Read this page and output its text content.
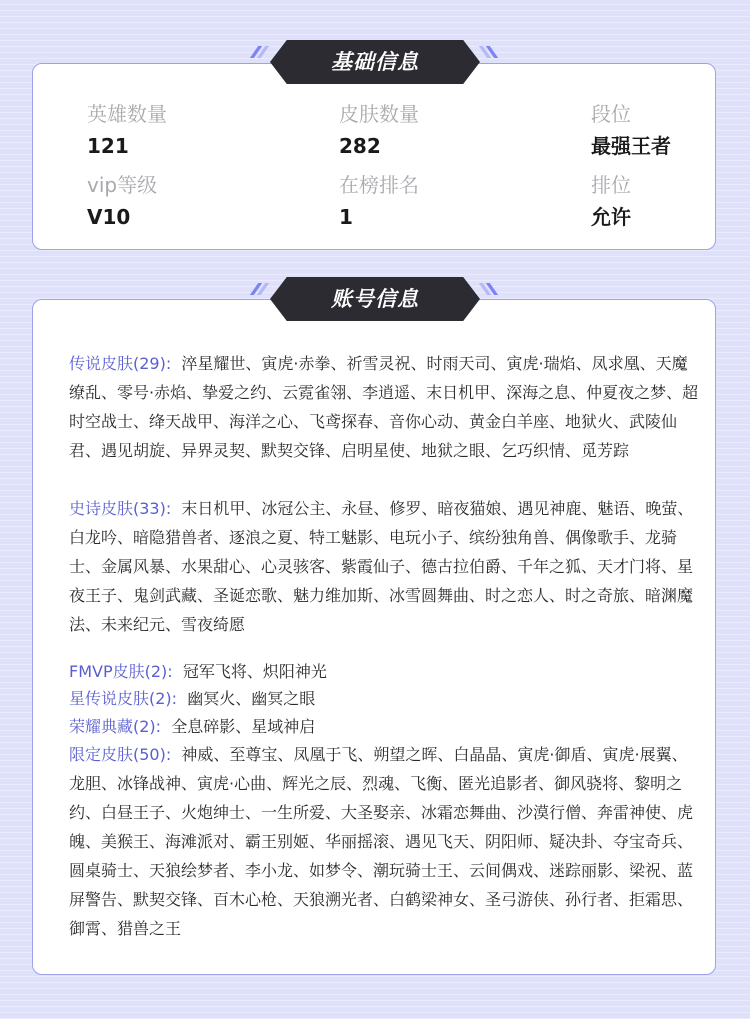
英雄数量
121
皮肤数量
282
段位
最强王者
vip等级
V10
在榜排名
1
排位
允许
基础信息
传说皮肤(29): 淬星耀世、寅虎·赤拳、祈雪灵祝、时雨天司、寅虎·瑞焰、凤求凰、天魔缭乱、零号·赤焰、挚爱之约、云霓雀翎、李逍遥、末日机甲、深海之息、仲夏夜之梦、超时空战士、绛天战甲、海洋之心、飞鸢探春、音你心动、黄金白羊座、地狱火、武陵仙君、遇见胡旋、异界灵契、默契交锋、启明星使、地狱之眼、乞巧织情、觅芳踪
史诗皮肤(33): 末日机甲、冰冠公主、永昼、修罗、暗夜猫娘、遇见神鹿、魅语、晚萤、白龙吟、暗隐猎兽者、逐浪之夏、特工魅影、电玩小子、缤纷独角兽、偶像歌手、龙骑士、金属风暴、水果甜心、心灵骇客、紫霞仙子、德古拉伯爵、千年之狐、天才门将、星夜王子、鬼剑武藏、圣诞恋歌、魅力维加斯、冰雪圆舞曲、时之恋人、时之奇旅、暗渊魔法、未来纪元、雪夜绮愿
FMVP皮肤(2): 冠军飞将、炽阳神光
星传说皮肤(2): 幽冥火、幽冥之眼
荣耀典藏(2): 全息碎影、星域神启
限定皮肤(50): 神威、至尊宝、凤凰于飞、朔望之晖、白晶晶、寅虎·御盾、寅虎·展翼、龙胆、冰锋战神、寅虎·心曲、辉光之辰、烈魂、飞衡、匿光追影者、御风骁将、黎明之约、白昼王子、火炮绅士、一生所爱、大圣娶亲、冰霜恋舞曲、沙漠行僧、奔雷神使、虎魄、美猴王、海滩派对、霸王别姬、华丽摇滚、遇见飞天、阴阳师、疑决卦、夺宝奇兵、圆桌骑士、天狼绘梦者、李小龙、如梦令、潮玩骑士王、云间偶戏、迷踪丽影、梁祝、蓝屏警告、默契交锋、百木心枪、天狼溯光者、白鹤梁神女、圣弓游侠、孙行者、拒霜思、御霄、猎兽之王
账号信息
